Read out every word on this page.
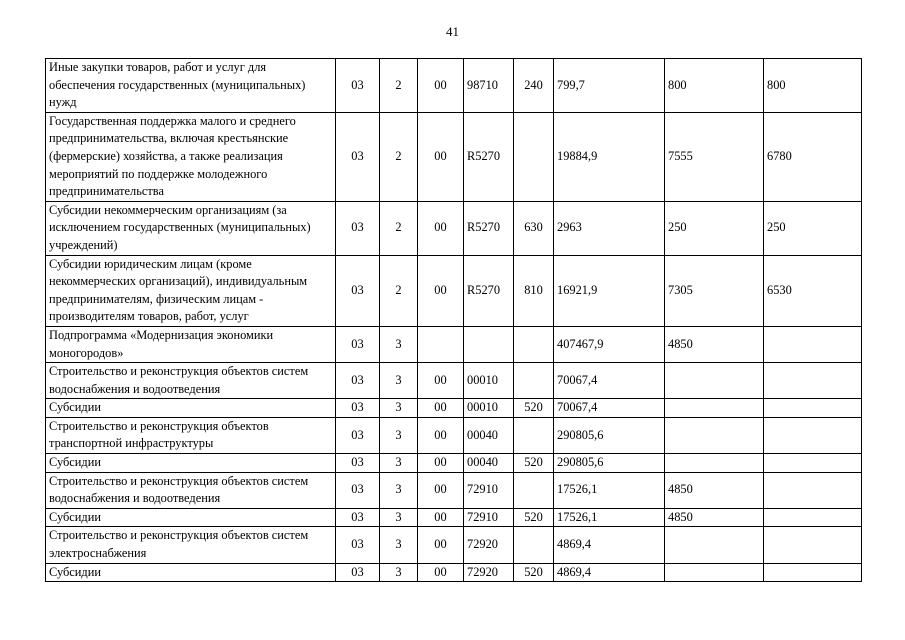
41
Иные закупки товаров, работ и услуг для обеспечения государственных (муниципальных) нужд	03	2	00	98710	240	799,7	800	800
Государственная поддержка малого и среднего предпринимательства, включая крестьянские (фермерские) хозяйства, а также реализация мероприятий по поддержке молодежного предпринимательства	03	2	00	R5270		19884,9	7555	6780
Субсидии некоммерческим организациям (за исключением государственных (муниципальных) учреждений)	03	2	00	R5270	630	2963	250	250
Субсидии юридическим лицам (кроме некоммерческих организаций), индивидуальным предпринимателям, физическим лицам - производителям товаров, работ, услуг	03	2	00	R5270	810	16921,9	7305	6530
Подпрограмма «Модернизация экономики моногородов»	03	3				407467,9	4850	
Строительство и реконструкция объектов систем водоснабжения и водоотведения	03	3	00	00010		70067,4		
Субсидии	03	3	00	00010	520	70067,4		
Строительство и реконструкция объектов транспортной инфраструктуры	03	3	00	00040		290805,6		
Субсидии	03	3	00	00040	520	290805,6		
Строительство и реконструкция объектов систем водоснабжения и водоотведения	03	3	00	72910		17526,1	4850	
Субсидии	03	3	00	72910	520	17526,1	4850	
Строительство и реконструкция объектов систем электроснабжения	03	3	00	72920		4869,4		
Субсидии	03	3	00	72920	520	4869,4		
